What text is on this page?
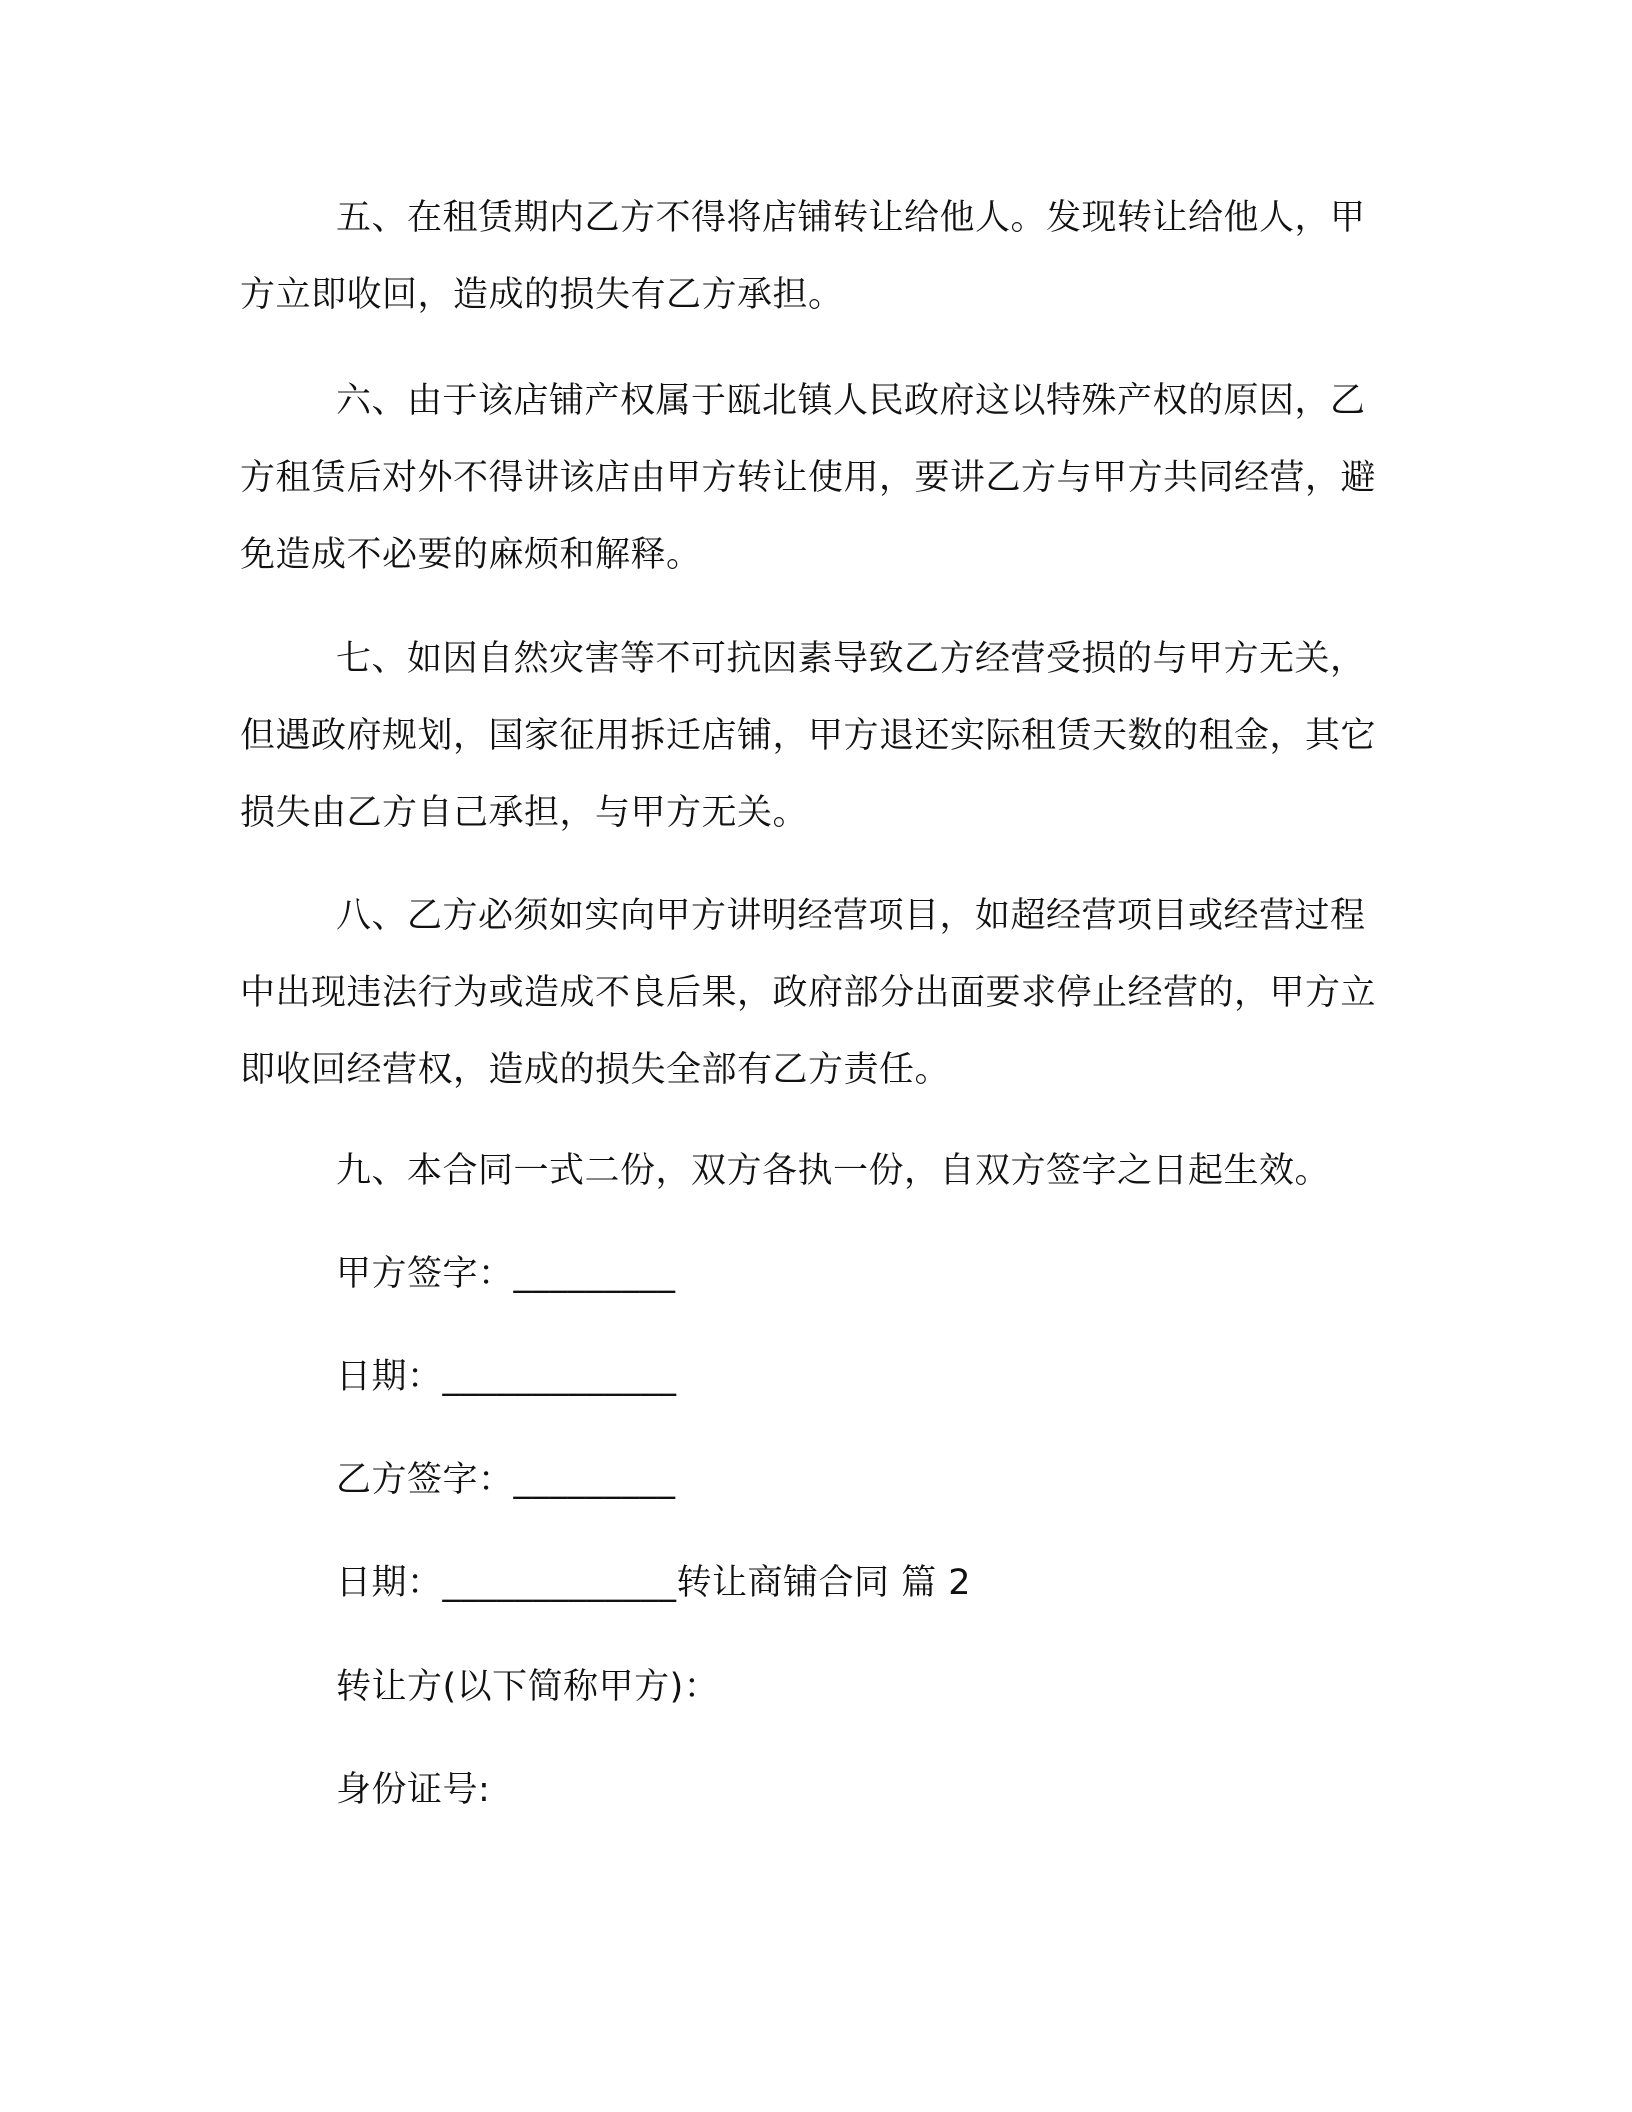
五、在租赁期内乙方不得将店铺转让给他人。发现转让给他人，甲方立即收回，造成的损失有乙方承担。

六、由于该店铺产权属于瓯北镇人民政府这以特殊产权的原因，乙方租赁后对外不得讲该店由甲方转让使用，要讲乙方与甲方共同经营，避免造成不必要的麻烦和解释。

七、如因自然灾害等不可抗因素导致乙方经营受损的与甲方无关，但遇政府规划，国家征用拆迁店铺，甲方退还实际租赁天数的租金，其它损失由乙方自己承担，与甲方无关。

八、乙方必须如实向甲方讲明经营项目，如超经营项目或经营过程中出现违法行为或造成不良后果，政府部分出面要求停止经营的，甲方立即收回经营权，造成的损失全部有乙方责任。

九、本合同一式二份，双方各执一份，自双方签字之日起生效。

甲方签字：_________

日期：_____________

乙方签字：_________

日期：_____________转让商铺合同 篇 2

转让方(以下简称甲方)：

身份证号:
